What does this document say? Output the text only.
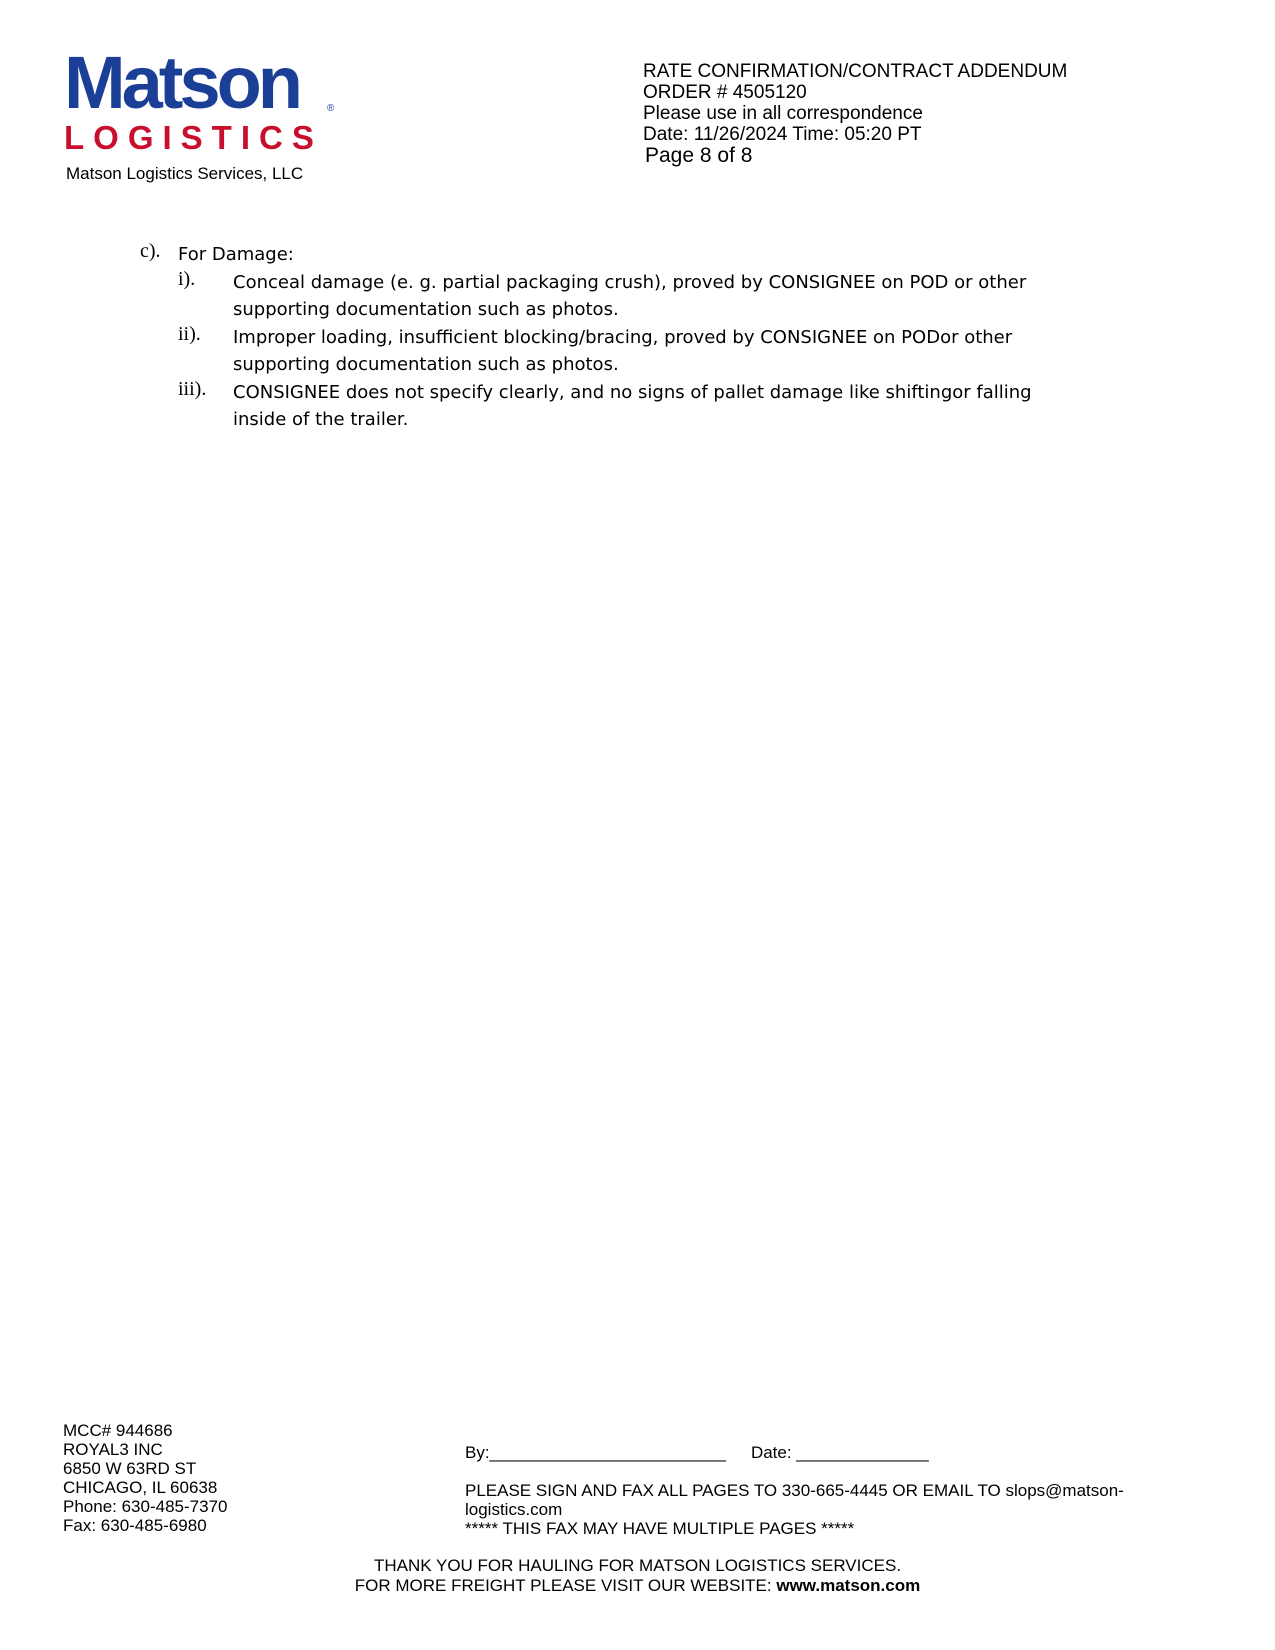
Matson	®
LOGISTICS
Matson Logistics Services, LLC
RATE CONFIRMATION/CONTRACT ADDENDUM
ORDER # 4505120
Please use in all correspondence
Date: 11/26/2024 Time: 05:20 PT
Page 8 of 8
c). For Damage:
i). Conceal damage (e. g. partial packaging crush), proved by CONSIGNEE on POD or other
supporting documentation such as photos.
ii). Improper loading, insufficient blocking/bracing, proved by CONSIGNEE on PODor other
supporting documentation such as photos.
iii). CONSIGNEE does not specify clearly, and no signs of pallet damage like shiftingor falling
inside of the trailer.
MCC# 944686
ROYAL3 INC
6850 W 63RD ST
CHICAGO, IL 60638
Phone: 630-485-7370
Fax: 630-485-6980
By:_________________________ Date: ______________
PLEASE SIGN AND FAX ALL PAGES TO 330-665-4445 OR EMAIL TO slops@matson-
logistics.com
***** THIS FAX MAY HAVE MULTIPLE PAGES *****
THANK YOU FOR HAULING FOR MATSON LOGISTICS SERVICES.
FOR MORE FREIGHT PLEASE VISIT OUR WEBSITE: www.matson.com
